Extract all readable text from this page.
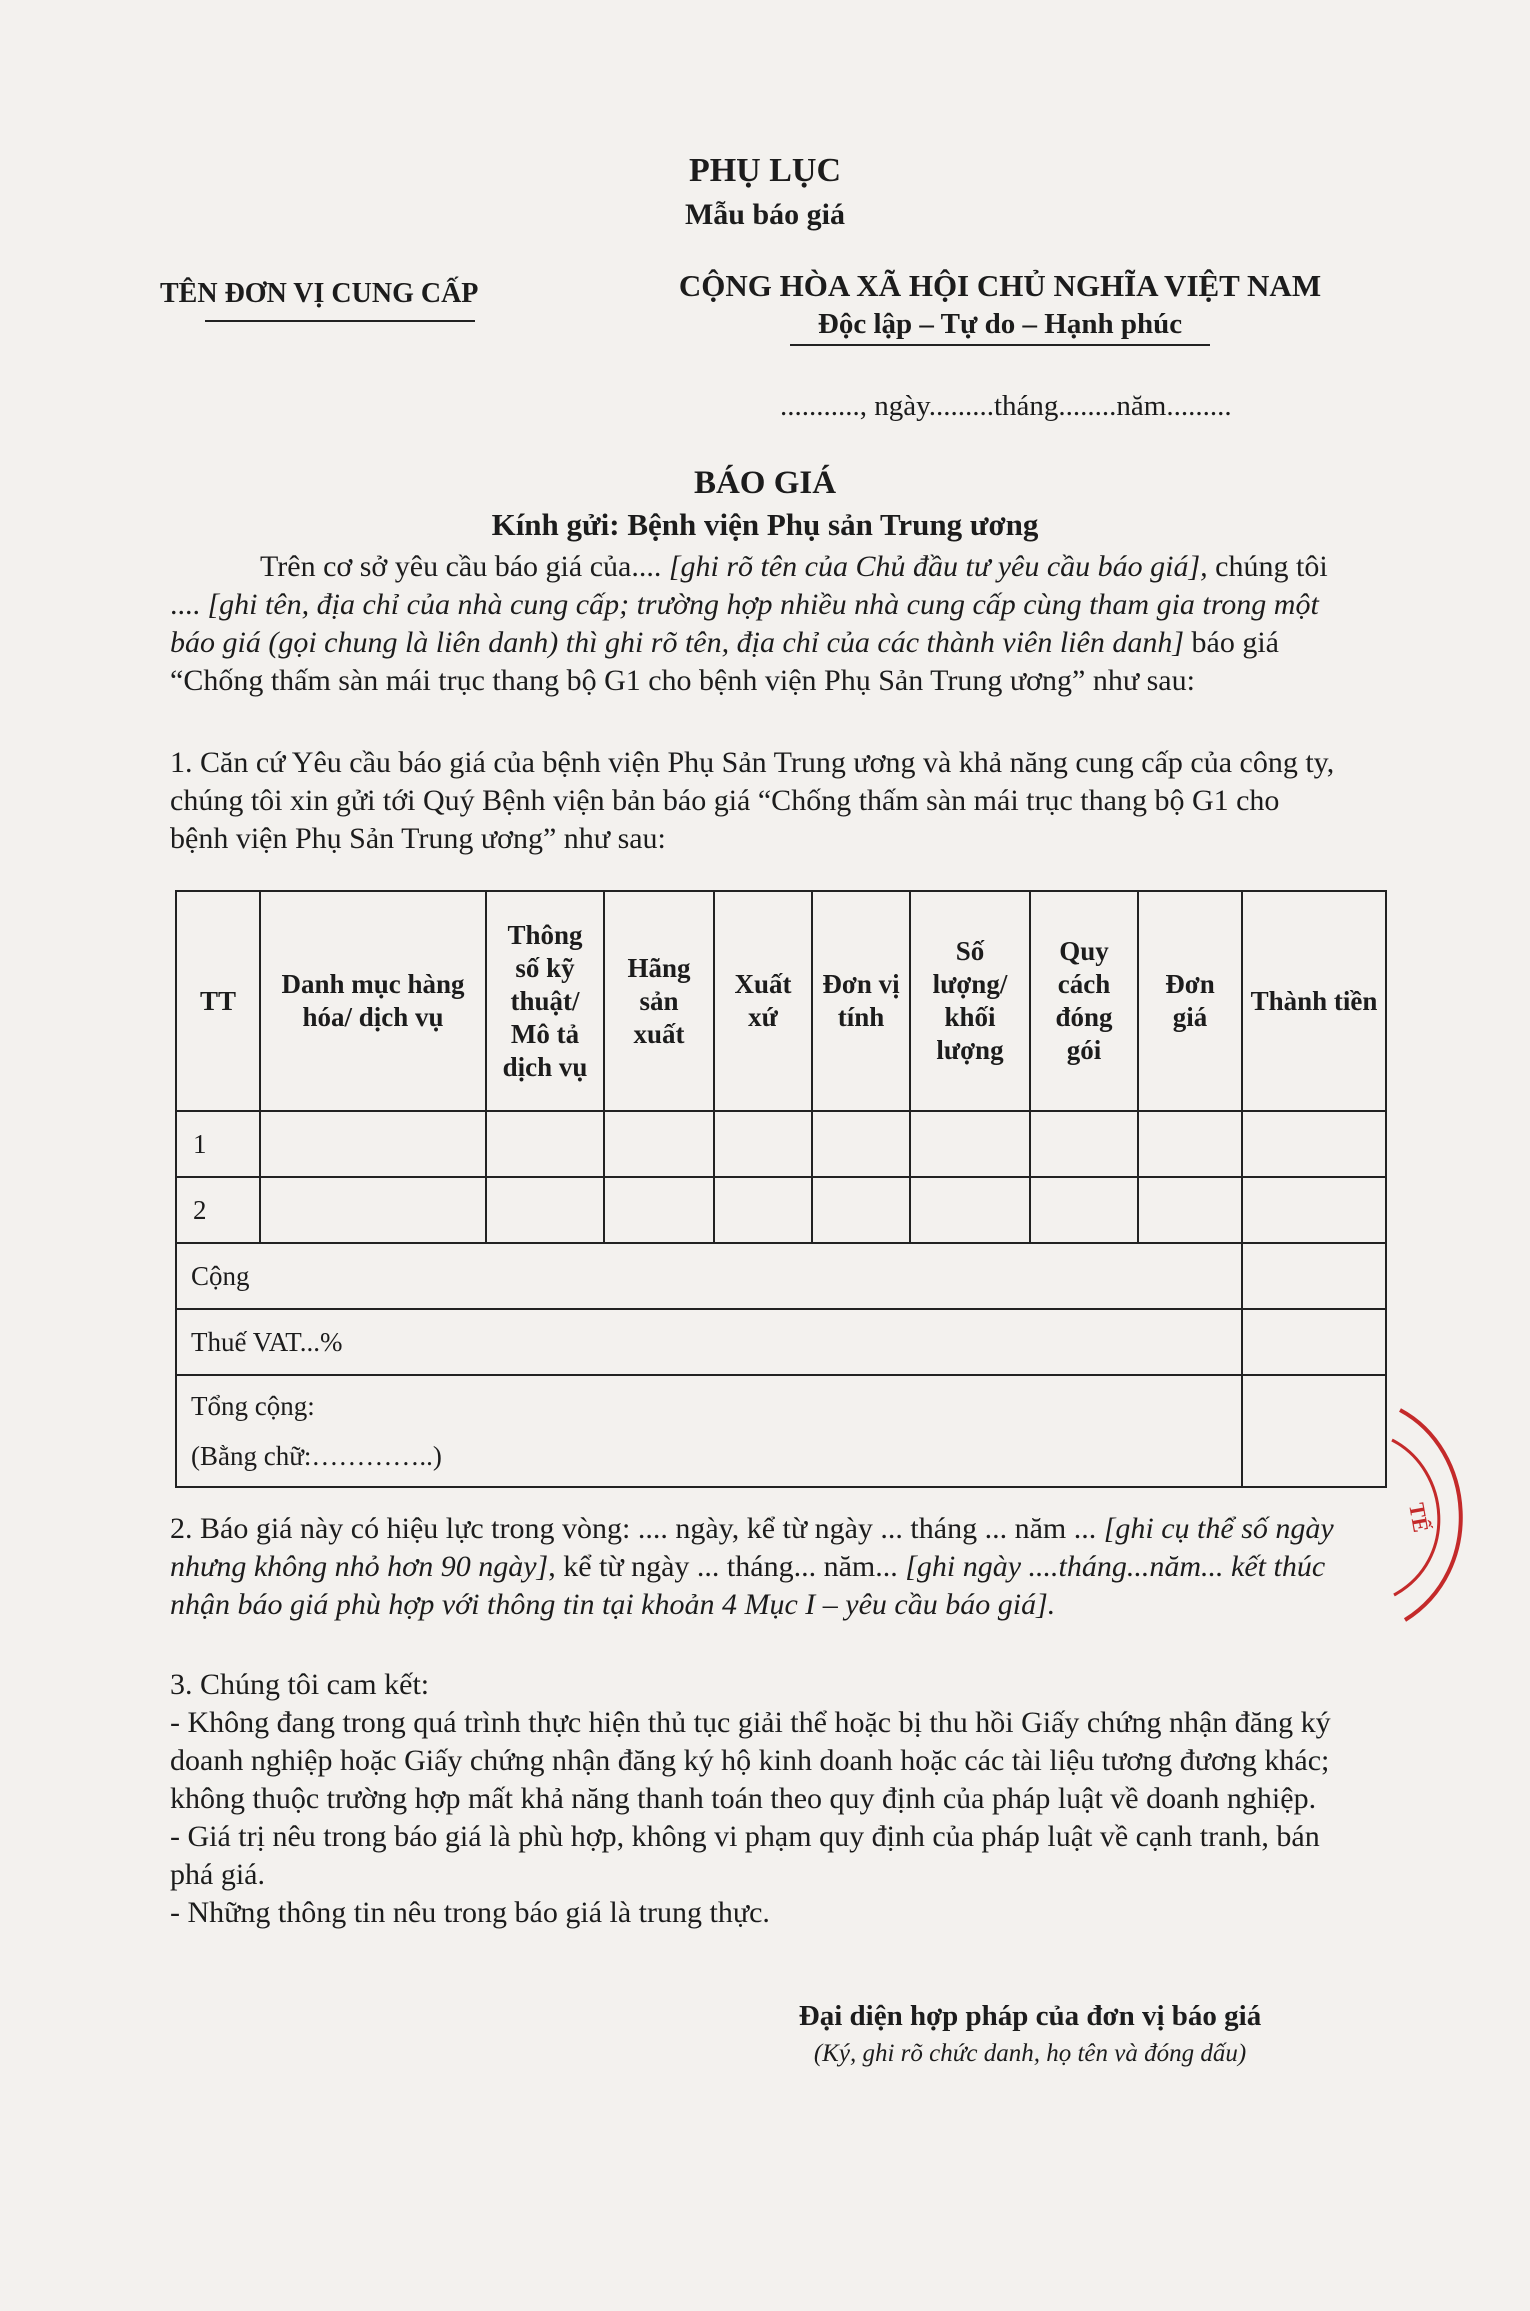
PHỤ LỤC
Mẫu báo giá
TÊN ĐƠN VỊ CUNG CẤP	CỘNG HÒA XÃ HỘI CHỦ NGHĨA VIỆT NAM
Độc lập – Tự do – Hạnh phúc
..........., ngày.........tháng........năm.........
BÁO GIÁ
Kính gửi: Bệnh viện Phụ sản Trung ương
Trên cơ sở yêu cầu báo giá của.... [ghi rõ tên của Chủ đầu tư yêu cầu báo giá], chúng tôi .... [ghi tên, địa chỉ của nhà cung cấp; trường hợp nhiều nhà cung cấp cùng tham gia trong một báo giá (gọi chung là liên danh) thì ghi rõ tên, địa chỉ của các thành viên liên danh] báo giá “Chống thấm sàn mái trục thang bộ G1 cho bệnh viện Phụ Sản Trung ương” như sau:
1. Căn cứ Yêu cầu báo giá của bệnh viện Phụ Sản Trung ương và khả năng cung cấp của công ty, chúng tôi xin gửi tới Quý Bệnh viện bản báo giá “Chống thấm sàn mái trục thang bộ G1 cho bệnh viện Phụ Sản Trung ương” như sau:
TT	Danh mục hàng hóa/ dịch vụ	Thông số kỹ thuật/ Mô tả dịch vụ	Hãng sản xuất	Xuất xứ	Đơn vị tính	Số lượng/ khối lượng	Quy cách đóng gói	Đơn giá	Thành tiền
1									
2									
Cộng									
Thuế VAT...%									
Tổng cộng:
(Bằng chữ:…………..)									
2. Báo giá này có hiệu lực trong vòng: .... ngày, kể từ ngày ... tháng ... năm ... [ghi cụ thể số ngày nhưng không nhỏ hơn 90 ngày], kể từ ngày ... tháng... năm... [ghi ngày ....tháng...năm... kết thúc nhận báo giá phù hợp với thông tin tại khoản 4 Mục I – yêu cầu báo giá].
3. Chúng tôi cam kết:
- Không đang trong quá trình thực hiện thủ tục giải thể hoặc bị thu hồi Giấy chứng nhận đăng ký doanh nghiệp hoặc Giấy chứng nhận đăng ký hộ kinh doanh hoặc các tài liệu tương đương khác; không thuộc trường hợp mất khả năng thanh toán theo quy định của pháp luật về doanh nghiệp.
- Giá trị nêu trong báo giá là phù hợp, không vi phạm quy định của pháp luật về cạnh tranh, bán phá giá.
- Những thông tin nêu trong báo giá là trung thực.
Đại diện hợp pháp của đơn vị báo giá
(Ký, ghi rõ chức danh, họ tên và đóng dấu)
TẾ
